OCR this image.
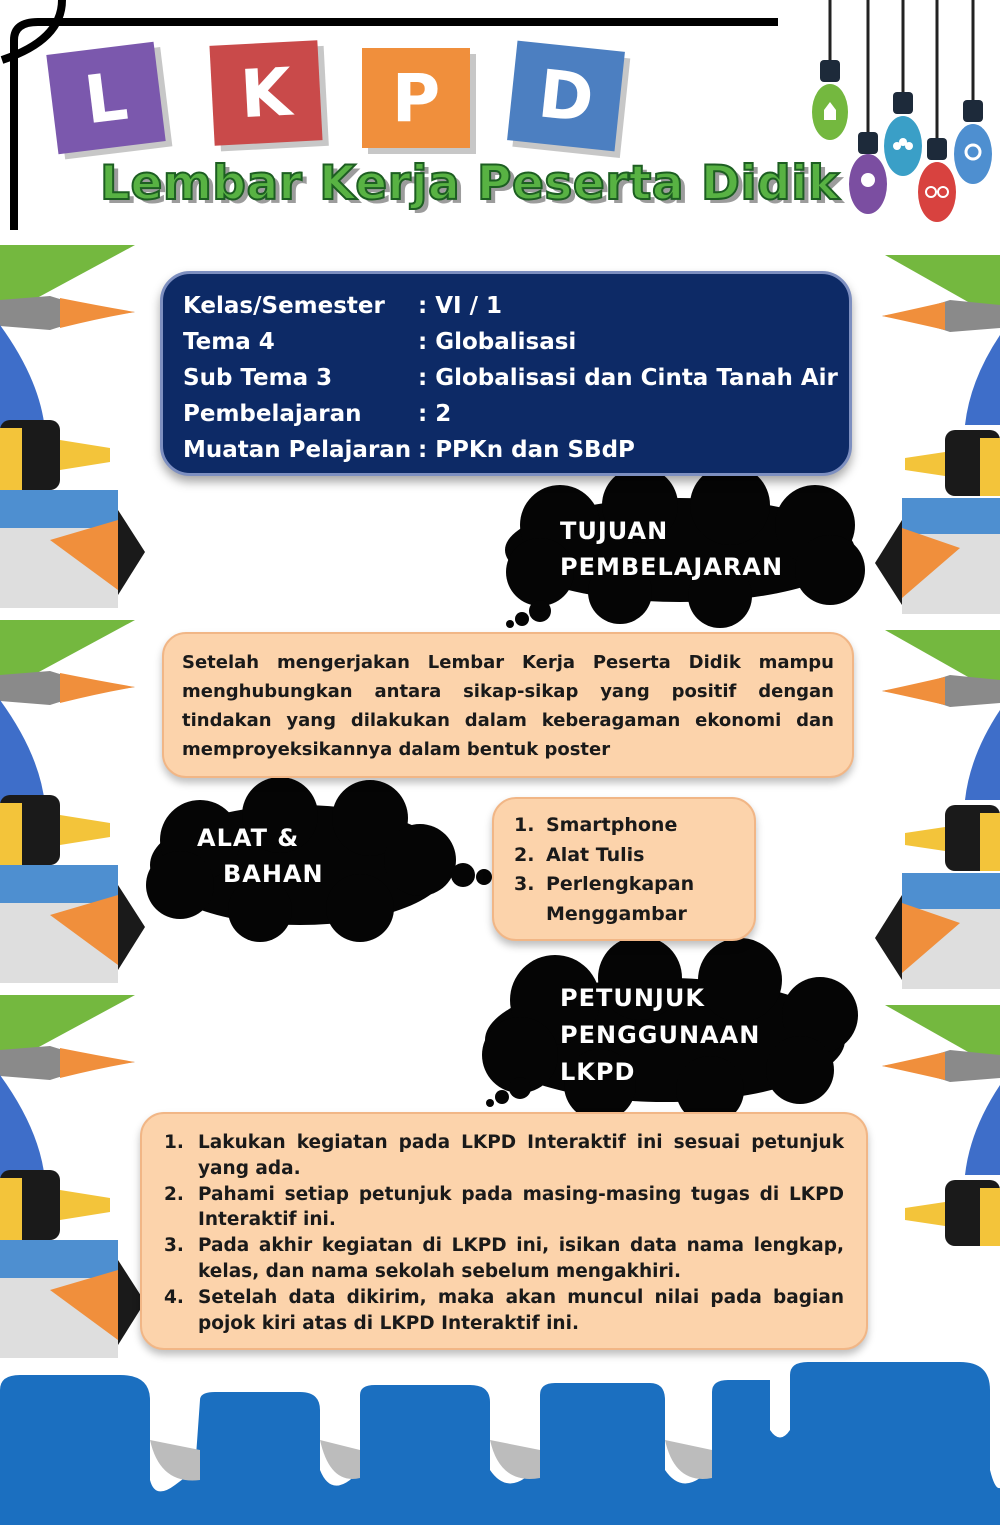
L K P D
Lembar Kerja Peserta Didik
Kelas/Semester	: VI / 1
Tema 4	: Globalisasi
Sub Tema 3	: Globalisasi dan Cinta Tanah Air
Pembelajaran	: 2
Muatan Pelajaran : PPKn dan SBdP
TUJUAN
PEMBELAJARAN

Setelah mengerjakan Lembar Kerja Peserta Didik mampu menghubungkan antara sikap-sikap yang positif dengan tindakan yang dilakukan dalam keberagaman ekonomi dan memproyeksikannya dalam bentuk poster

ALAT &
BAHAN
1. Smartphone
2. Alat Tulis
3. Perlengkapan Menggambar
PETUNJUK
PENGGUNAAN
LKPD
1. Lakukan kegiatan pada LKPD Interaktif ini sesuai petunjuk yang ada.
2. Pahami setiap petunjuk pada masing-masing tugas di LKPD Interaktif ini.
3. Pada akhir kegiatan di LKPD ini, isikan data nama lengkap, kelas, dan nama sekolah sebelum mengakhiri.
4. Setelah data dikirim, maka akan muncul nilai pada bagian pojok kiri atas di LKPD Interaktif ini.
